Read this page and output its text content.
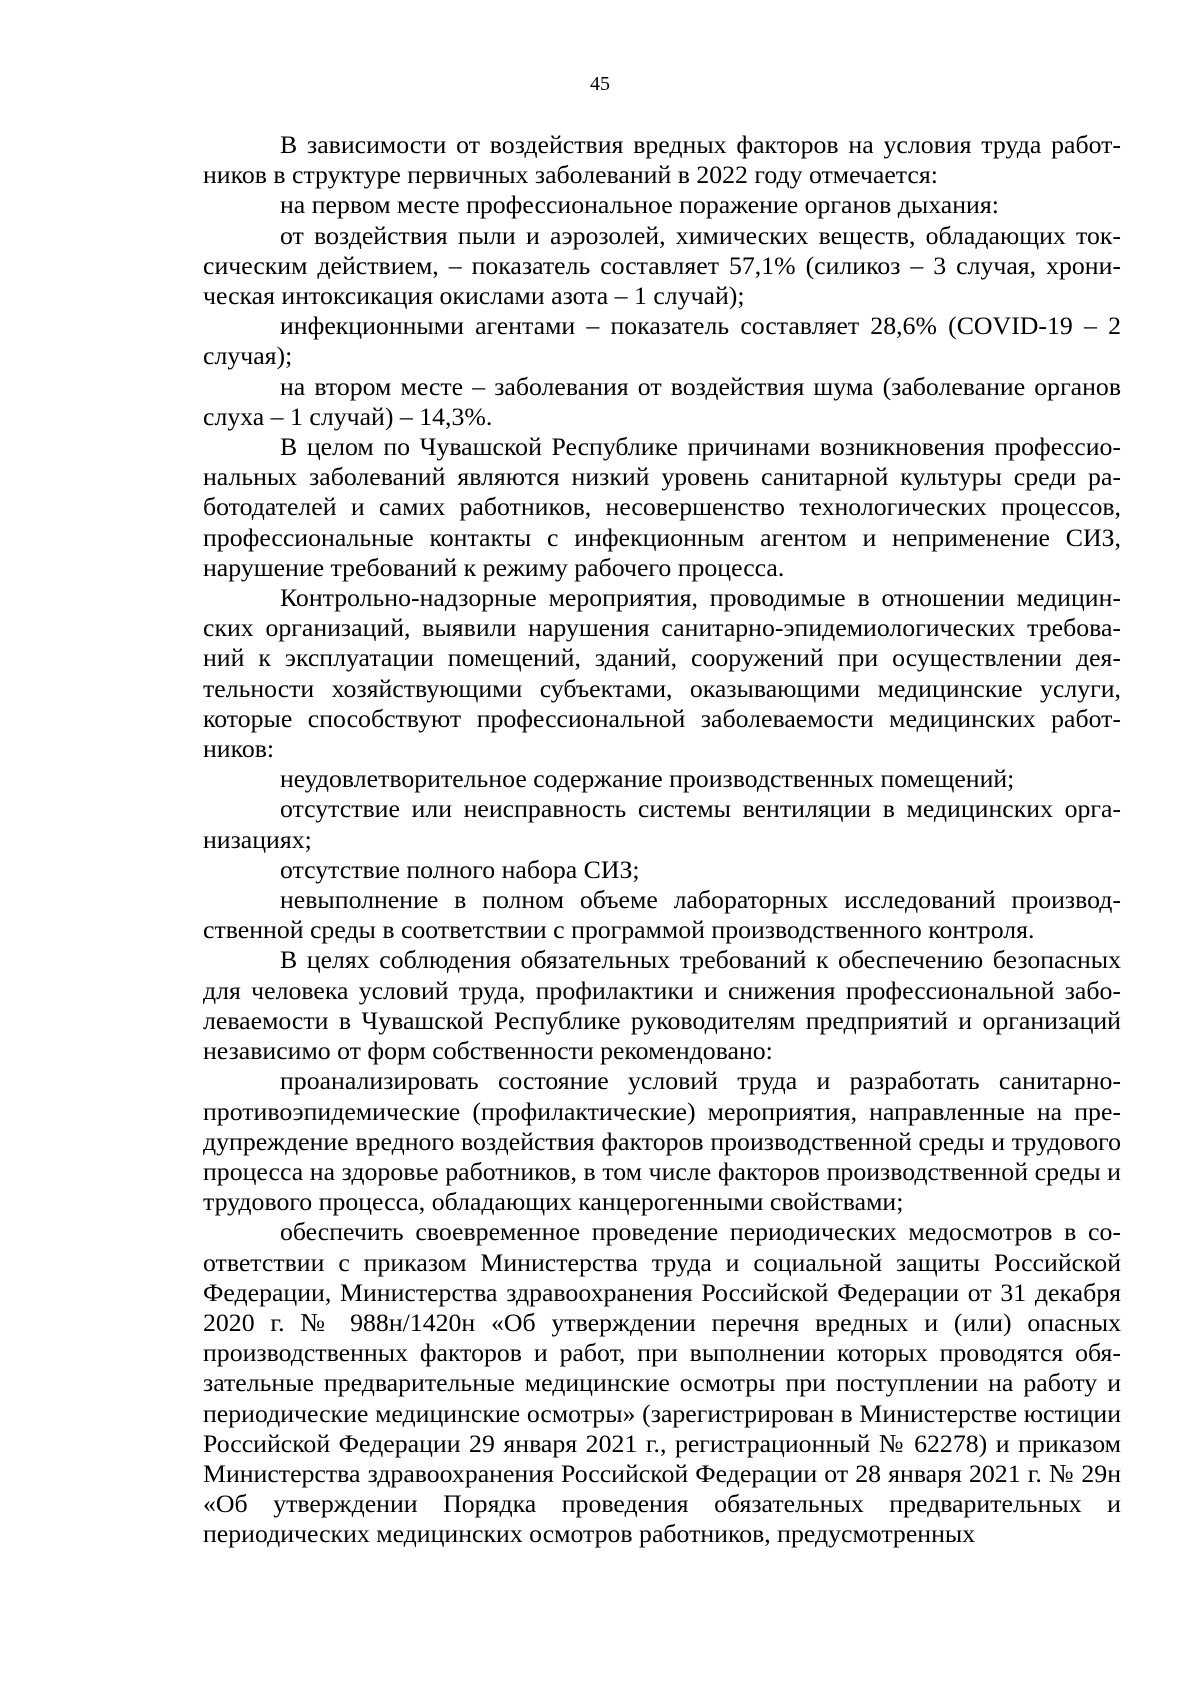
45

В зависимости от воздействия вредных факторов на условия труда работников в структуре первичных заболеваний в 2022 году отмечается:

на первом месте профессиональное поражение органов дыхания:

от воздействия пыли и аэрозолей, химических веществ, обладающих токсическим действием, – показатель составляет 57,1% (силикоз – 3 случая, хроническая интоксикация окислами азота – 1 случай);

инфекционными агентами – показатель составляет 28,6% (COVID-19 – 2 случая);

на втором месте – заболевания от воздействия шума (заболевание органов слуха – 1 случай) – 14,3%.

В целом по Чувашской Республике причинами возникновения профессиональных заболеваний являются низкий уровень санитарной культуры среди работодателей и самих работников, несовершенство технологических процессов, профессиональные контакты с инфекционным агентом и неприменение СИЗ, нарушение требований к режиму рабочего процесса.

Контрольно-надзорные мероприятия, проводимые в отношении медицинских организаций, выявили нарушения санитарно-эпидемиологических требований к эксплуатации помещений, зданий, сооружений при осуществлении деятельности хозяйствующими субъектами, оказывающими медицинские услуги, которые способствуют профессиональной заболеваемости медицинских работников:

неудовлетворительное содержание производственных помещений;

отсутствие или неисправность системы вентиляции в медицинских организациях;

отсутствие полного набора СИЗ;

невыполнение в полном объеме лабораторных исследований производственной среды в соответствии с программой производственного контроля.

В целях соблюдения обязательных требований к обеспечению безопасных для человека условий труда, профилактики и снижения профессиональной заболеваемости в Чувашской Республике руководителям предприятий и организаций независимо от форм собственности рекомендовано:

проанализировать состояние условий труда и разработать санитарно-противоэпидемические (профилактические) мероприятия, направленные на предупреждение вредного воздействия факторов производственной среды и трудового процесса на здоровье работников, в том числе факторов производственной среды и трудового процесса, обладающих канцерогенными свойствами;

обеспечить своевременное проведение периодических медосмотров в соответствии с приказом Министерства труда и социальной защиты Российской Федерации, Министерства здравоохранения Российской Федерации от 31 декабря 2020 г. № 988н/1420н «Об утверждении перечня вредных и (или) опасных производственных факторов и работ, при выполнении которых проводятся обязательные предварительные медицинские осмотры при поступлении на работу и периодические медицинские осмотры» (зарегистрирован в Министерстве юстиции Российской Федерации 29 января 2021 г., регистрационный № 62278) и приказом Министерства здравоохранения Российской Федерации от 28 января 2021 г. № 29н «Об утверждении Порядка проведения обязательных предварительных и периодических медицинских осмотров работников, предусмотренных
